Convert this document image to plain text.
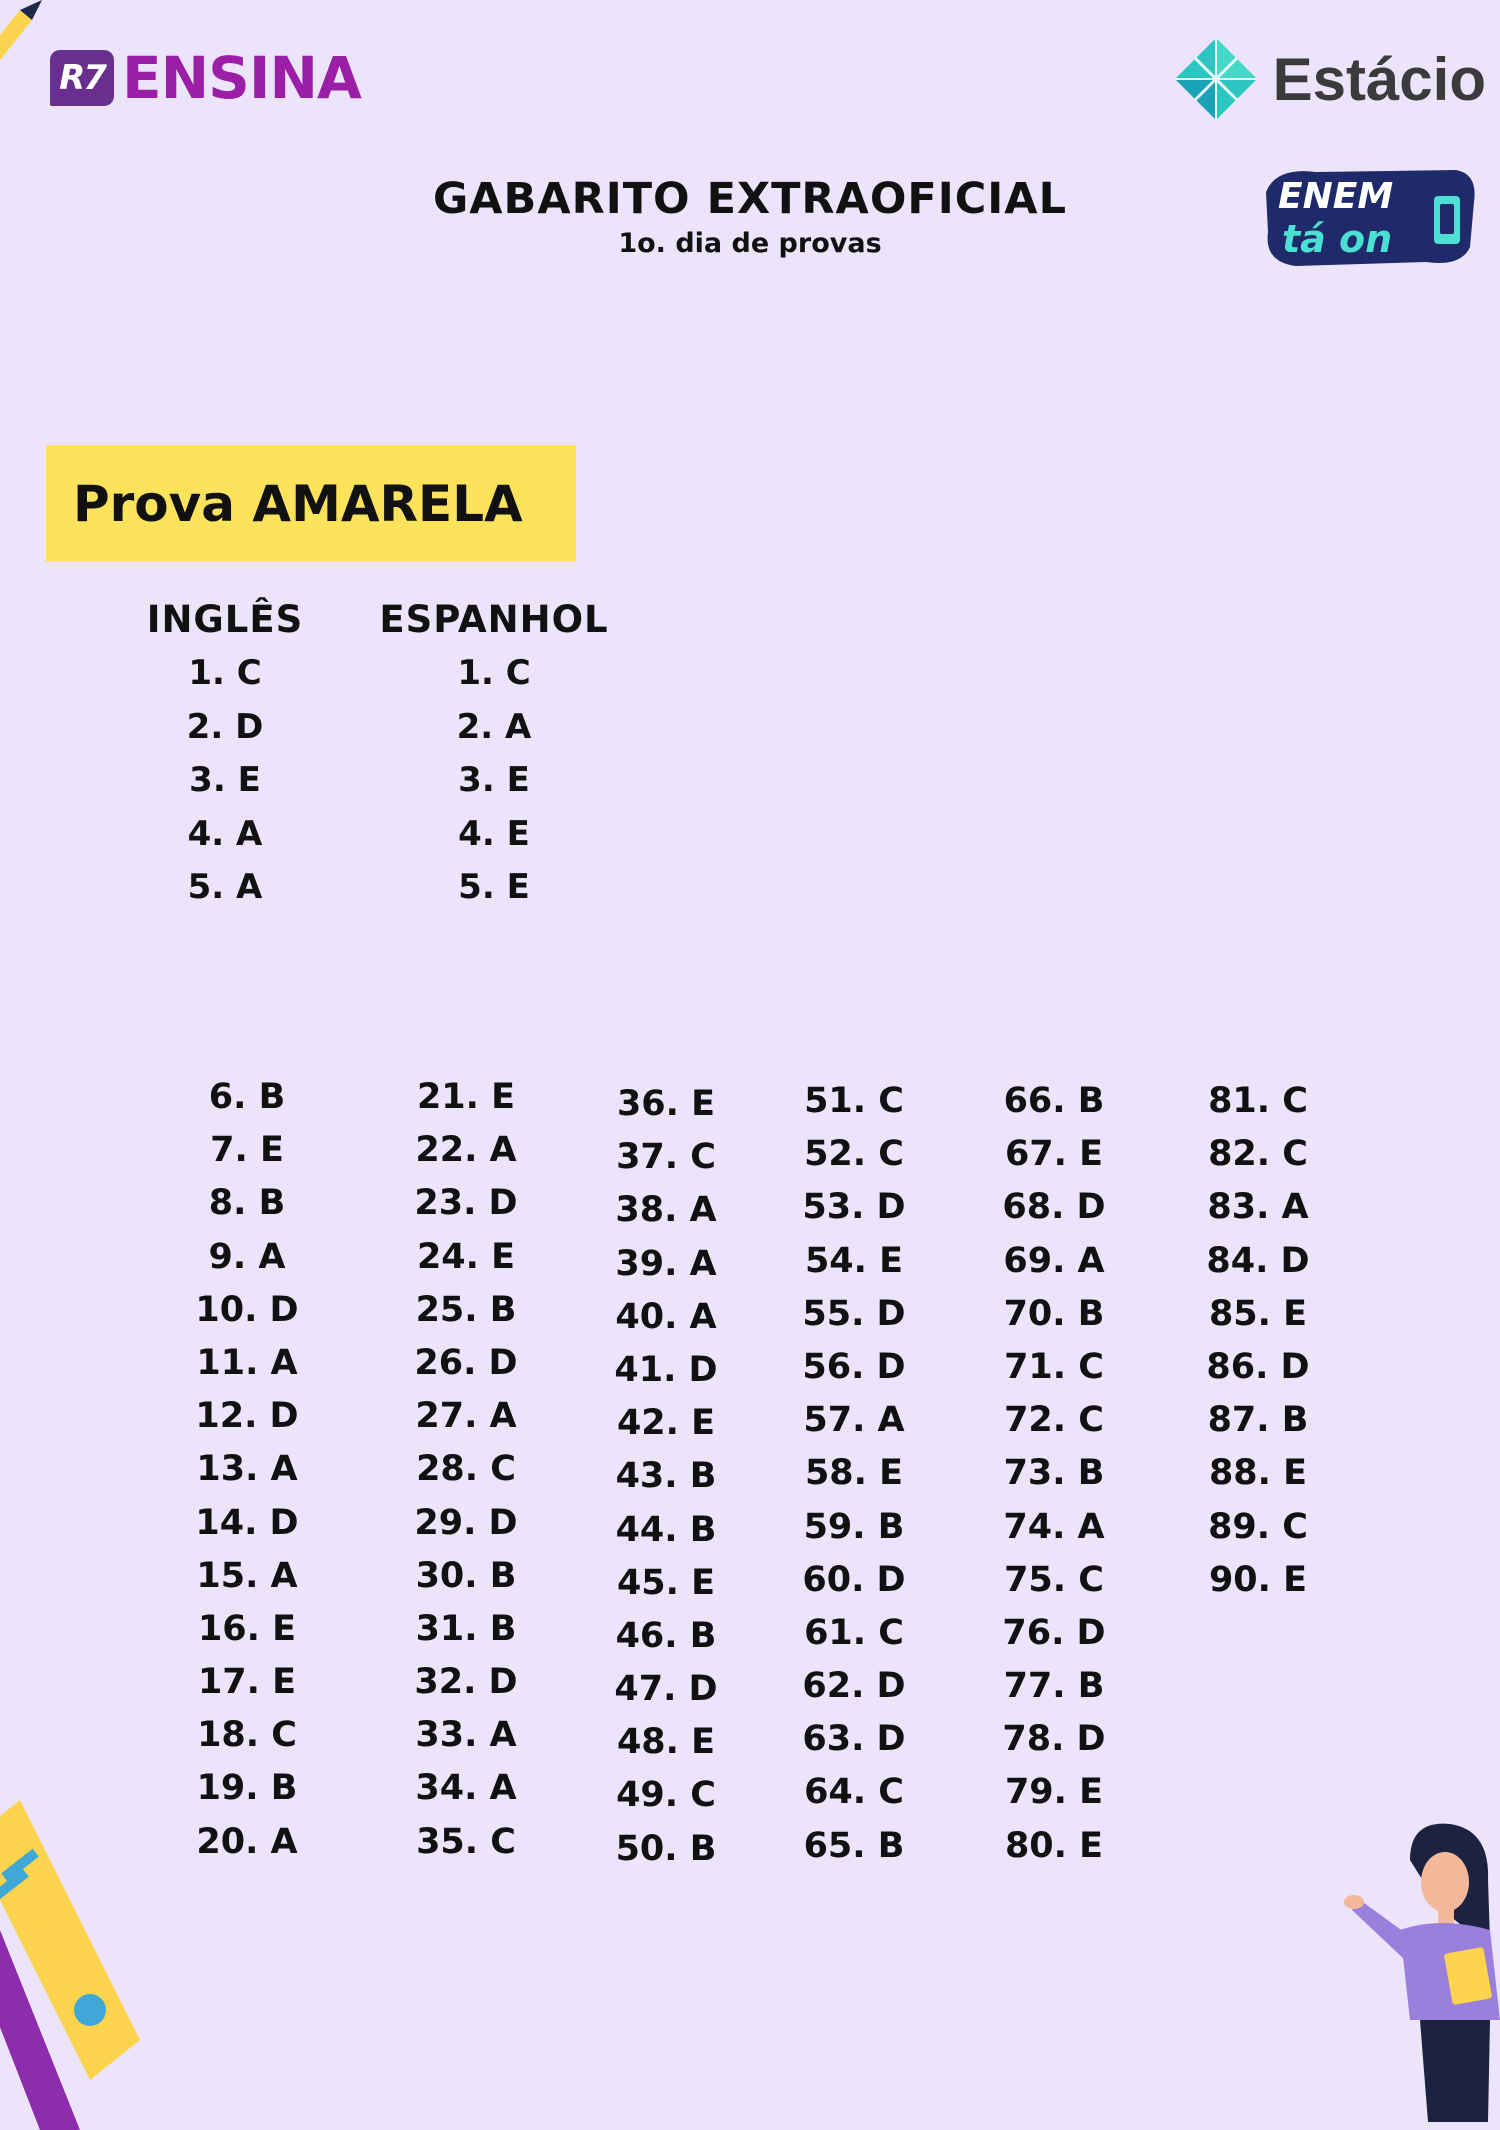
R7 ENSINA	Estácio
ENEM
tá on
GABARITO EXTRAOFICIAL
1o. dia de provas
Prova AMARELA
INGLÊS
1. C
2. D
3. E
4. A
5. A
ESPANHOL
1. C
2. A
3. E
4. E
5. E
6. B
7. E
8. B
9. A
10. D
11. A
12. D
13. A
14. D
15. A
16. E
17. E
18. C
19. B
20. A
21. E
22. A
23. D
24. E
25. B
26. D
27. A
28. C
29. D
30. B
31. B
32. D
33. A
34. A
35. C
36. E
37. C
38. A
39. A
40. A
41. D
42. E
43. B
44. B
45. E
46. B
47. D
48. E
49. C
50. B
51. C
52. C
53. D
54. E
55. D
56. D
57. A
58. E
59. B
60. D
61. C
62. D
63. D
64. C
65. B
66. B
67. E
68. D
69. A
70. B
71. C
72. C
73. B
74. A
75. C
76. D
77. B
78. D
79. E
80. E
81. C
82. C
83. A
84. D
85. E
86. D
87. B
88. E
89. C
90. E
